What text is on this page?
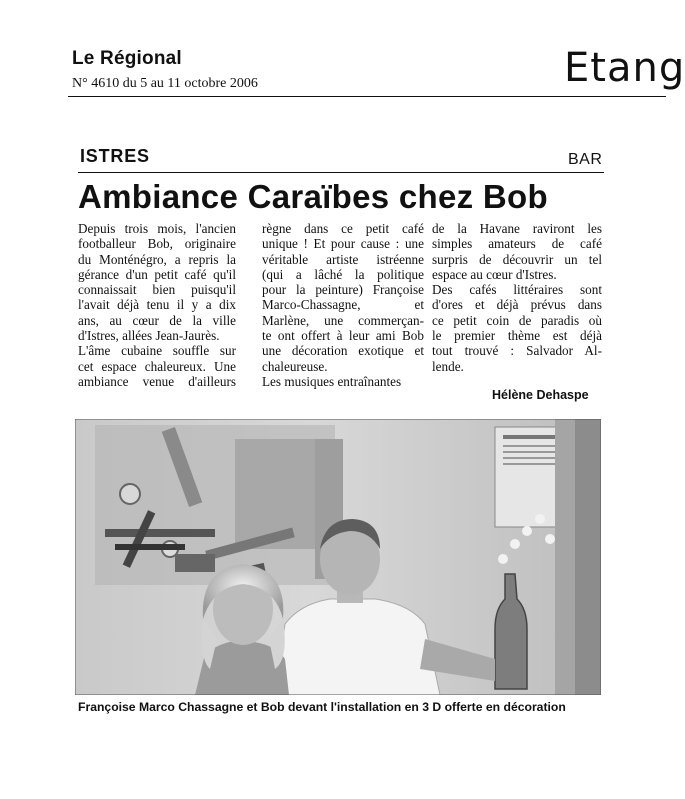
Le Régional
N° 4610 du 5 au 11 octobre 2006	Etang
ISTRES	BAR
Ambiance Caraïbes chez Bob
Depuis trois mois, l'ancien
footballeur Bob, originaire
du Monténégro, a repris la
gérance d'un petit café qu'il
connaissait bien puisqu'il
l'avait déjà tenu il y a dix
ans, au cœur de la ville
d'Istres, allées Jean-Jaurès.
L'âme cubaine souffle sur
cet espace chaleureux. Une
ambiance venue d'ailleurs
règne dans ce petit café
unique ! Et pour cause : une
véritable artiste istréenne
(qui a lâché la politique
pour la peinture) Françoise
Marco-Chassagne, et
Marlène, une commerçan-
te ont offert à leur ami Bob
une décoration exotique et
chaleureuse.
Les musiques entraînantes
de la Havane raviront les
simples amateurs de café
surpris de découvrir un tel
espace au cœur d'Istres.
Des cafés littéraires sont
d'ores et déjà prévus dans
ce petit coin de paradis où
le premier thème est déjà
tout trouvé : Salvador Al-
lende.
Hélène Dehaspe
Françoise Marco Chassagne et Bob devant l'installation en 3 D offerte en décoration
